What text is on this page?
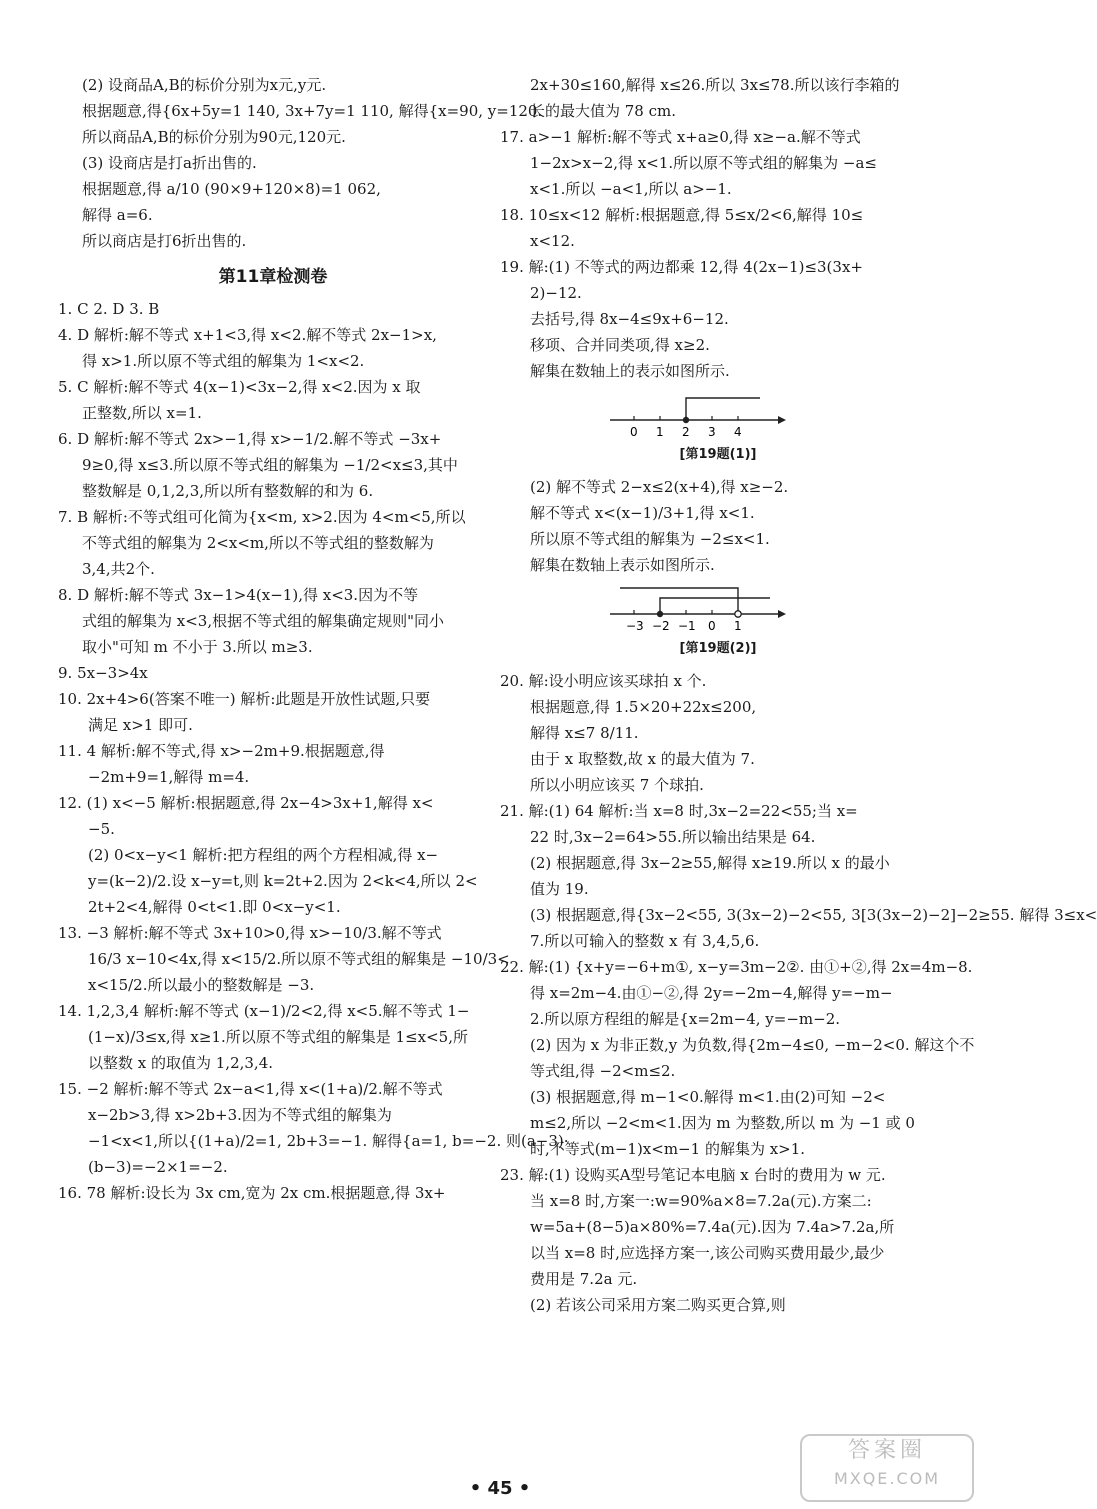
(2) 设商品A,B的标价分别为x元,y元.
根据题意,得{6x+5y=1 140, 3x+7y=1 110, 解得{x=90, y=120.
所以商品A,B的标价分别为90元,120元.
(3) 设商店是打a折出售的.
根据题意,得 a/10 (90×9+120×8)=1 062,
解得 a=6.
所以商店是打6折出售的.
第11章检测卷
1. C 2. D 3. B
4. D 解析:解不等式 x+1<3,得 x<2.解不等式 2x−1>x,
得 x>1.所以原不等式组的解集为 1<x<2.
5. C 解析:解不等式 4(x−1)<3x−2,得 x<2.因为 x 取
正整数,所以 x=1.
6. D 解析:解不等式 2x>−1,得 x>−1/2.解不等式 −3x+
9≥0,得 x≤3.所以原不等式组的解集为 −1/2<x≤3,其中
整数解是 0,1,2,3,所以所有整数解的和为 6.
7. B 解析:不等式组可化简为{x<m, x>2.因为 4<m<5,所以
不等式组的解集为 2<x<m,所以不等式组的整数解为
3,4,共2个.
8. D 解析:解不等式 3x−1>4(x−1),得 x<3.因为不等
式组的解集为 x<3,根据不等式组的解集确定规则"同小
取小"可知 m 不小于 3.所以 m≥3.
9. 5x−3>4x
10. 2x+4>6(答案不唯一) 解析:此题是开放性试题,只要
满足 x>1 即可.
11. 4 解析:解不等式,得 x>−2m+9.根据题意,得
−2m+9=1,解得 m=4.
12. (1) x<−5 解析:根据题意,得 2x−4>3x+1,解得 x<
−5.
(2) 0<x−y<1 解析:把方程组的两个方程相减,得 x−
y=(k−2)/2.设 x−y=t,则 k=2t+2.因为 2<k<4,所以 2<
2t+2<4,解得 0<t<1.即 0<x−y<1.
13. −3 解析:解不等式 3x+10>0,得 x>−10/3.解不等式
16/3 x−10<4x,得 x<15/2.所以原不等式组的解集是 −10/3<
x<15/2.所以最小的整数解是 −3.
14. 1,2,3,4 解析:解不等式 (x−1)/2<2,得 x<5.解不等式 1−
(1−x)/3≤x,得 x≥1.所以原不等式组的解集是 1≤x<5,所
以整数 x 的取值为 1,2,3,4.
15. −2 解析:解不等式 2x−a<1,得 x<(1+a)/2.解不等式
x−2b>3,得 x>2b+3.因为不等式组的解集为
−1<x<1,所以{(1+a)/2=1, 2b+3=−1. 解得{a=1, b=−2. 则(a−3)·
(b−3)=−2×1=−2.
16. 78 解析:设长为 3x cm,宽为 2x cm.根据题意,得 3x+
2x+30≤160,解得 x≤26.所以 3x≤78.所以该行李箱的
长的最大值为 78 cm.
17. a>−1 解析:解不等式 x+a≥0,得 x≥−a.解不等式
1−2x>x−2,得 x<1.所以原不等式组的解集为 −a≤
x<1.所以 −a<1,所以 a>−1.
18. 10≤x<12 解析:根据题意,得 5≤x/2<6,解得 10≤
x<12.
19. 解:(1) 不等式的两边都乘 12,得 4(2x−1)≤3(3x+
2)−12.
去括号,得 8x−4≤9x+6−12.
移项、合并同类项,得 x≥2.
解集在数轴上的表示如图所示.
0 1 2 3 4
[第19题(1)]
(2) 解不等式 2−x≤2(x+4),得 x≥−2.
解不等式 x<(x−1)/3+1,得 x<1.
所以原不等式组的解集为 −2≤x<1.
解集在数轴上表示如图所示.
−3 −2 −1 0 1
[第19题(2)]
20. 解:设小明应该买球拍 x 个.
根据题意,得 1.5×20+22x≤200,
解得 x≤7 8/11.
由于 x 取整数,故 x 的最大值为 7.
所以小明应该买 7 个球拍.
21. 解:(1) 64 解析:当 x=8 时,3x−2=22<55;当 x=
22 时,3x−2=64>55.所以输出结果是 64.
(2) 根据题意,得 3x−2≥55,解得 x≥19.所以 x 的最小
值为 19.
(3) 根据题意,得{3x−2<55, 3(3x−2)−2<55, 3[3(3x−2)−2]−2≥55. 解得 3≤x<
7.所以可输入的整数 x 有 3,4,5,6.
22. 解:(1) {x+y=−6+m①, x−y=3m−2②. 由①+②,得 2x=4m−8.
得 x=2m−4.由①−②,得 2y=−2m−4,解得 y=−m−
2.所以原方程组的解是{x=2m−4, y=−m−2.
(2) 因为 x 为非正数,y 为负数,得{2m−4≤0, −m−2<0. 解这个不
等式组,得 −2<m≤2.
(3) 根据题意,得 m−1<0.解得 m<1.由(2)可知 −2<
m≤2,所以 −2<m<1.因为 m 为整数,所以 m 为 −1 或 0
时,不等式(m−1)x<m−1 的解集为 x>1.
23. 解:(1) 设购买A型号笔记本电脑 x 台时的费用为 w 元.
当 x=8 时,方案一:w=90%a×8=7.2a(元).方案二:
w=5a+(8−5)a×80%=7.4a(元).因为 7.4a>7.2a,所
以当 x=8 时,应选择方案一,该公司购买费用最少,最少
费用是 7.2a 元.
(2) 若该公司采用方案二购买更合算,则
• 45 •
答案圈
MXQE.COM
